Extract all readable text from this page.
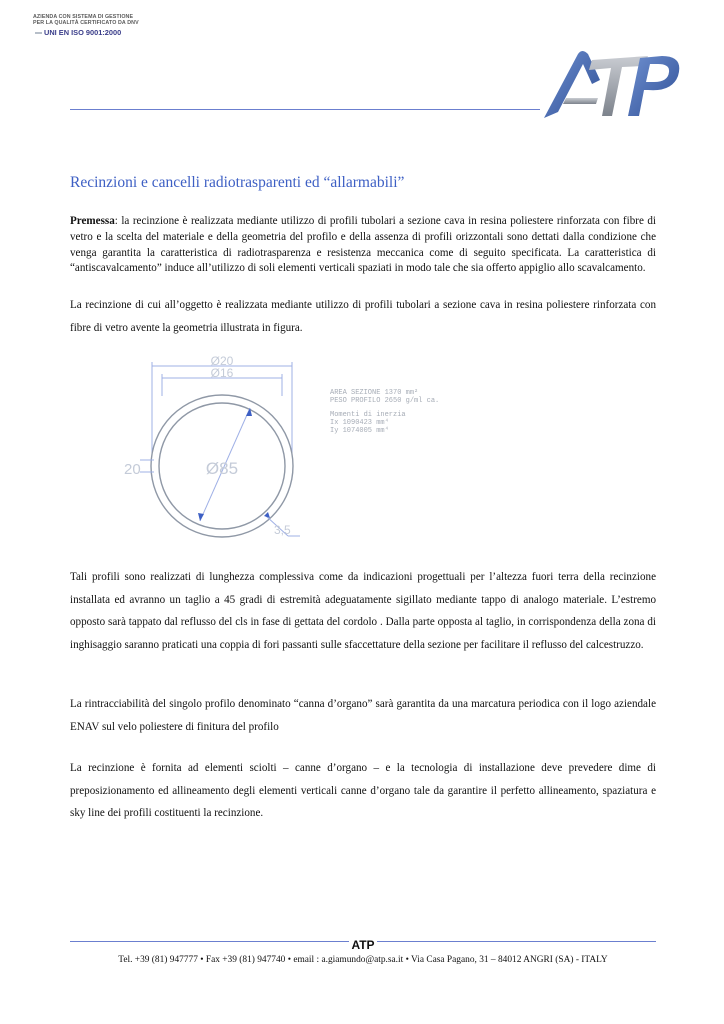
AZIENDA CON SISTEMA DI GESTIONE
PER LA QUALITÀ CERTIFICATO DA DNV
UNI EN ISO 9001:2000
Recinzioni e cancelli radiotrasparenti ed “allarmabili”
Premessa: la recinzione è realizzata mediante utilizzo di profili tubolari a sezione cava in resina poliestere rinforzata con fibre di vetro e la scelta del materiale e della geometria del profilo e della assenza di profili orizzontali sono dettati dalla condizione che venga garantita la caratteristica di radiotrasparenza e resistenza meccanica come di seguito specificata. La caratteristica di “antiscavalcamento” induce all’utilizzo di soli elementi verticali spaziati in modo tale che sia offerto appiglio allo scavalcamento.
La recinzione di cui all’oggetto è realizzata mediante utilizzo di profili tubolari a sezione cava in resina poliestere rinforzata con fibre di vetro avente la geometria illustrata in figura.
Ø20
Ø16
Ø85
20
3,5
AREA SEZIONE 1370 mm²
PESO PROFILO 2650 g/ml ca.
Momenti di inerzia
Ix 1090423 mm⁴
Iy 1074005 mm⁴
Tali profili sono realizzati di lunghezza complessiva come da indicazioni progettuali per l’altezza fuori terra della recinzione installata ed avranno un taglio a 45 gradi di estremità adeguatamente sigillato mediante tappo di analogo materiale. L’estremo opposto sarà tappato dal reflusso del cls in fase di gettata del cordolo . Dalla parte opposta al taglio, in corrispondenza della zona di inghisaggio saranno praticati una coppia di fori passanti sulle sfaccettature della sezione per facilitare il reflusso del calcestruzzo.
La rintracciabilità del singolo profilo denominato “canna d’organo” sarà garantita da una marcatura periodica con il logo aziendale ENAV sul velo poliestere di finitura del profilo
La recinzione è fornita ad elementi sciolti – canne d’organo – e la tecnologia di installazione deve prevedere dime di preposizionamento ed allineamento degli elementi verticali canne d’organo tale da garantire il perfetto allineamento, spaziatura e sky line dei profili costituenti la recinzione.
ATP
Tel. +39 (81) 947777 • Fax +39 (81) 947740 • email : a.giamundo@atp.sa.it • Via Casa Pagano, 31 – 84012 ANGRI (SA) - ITALY
